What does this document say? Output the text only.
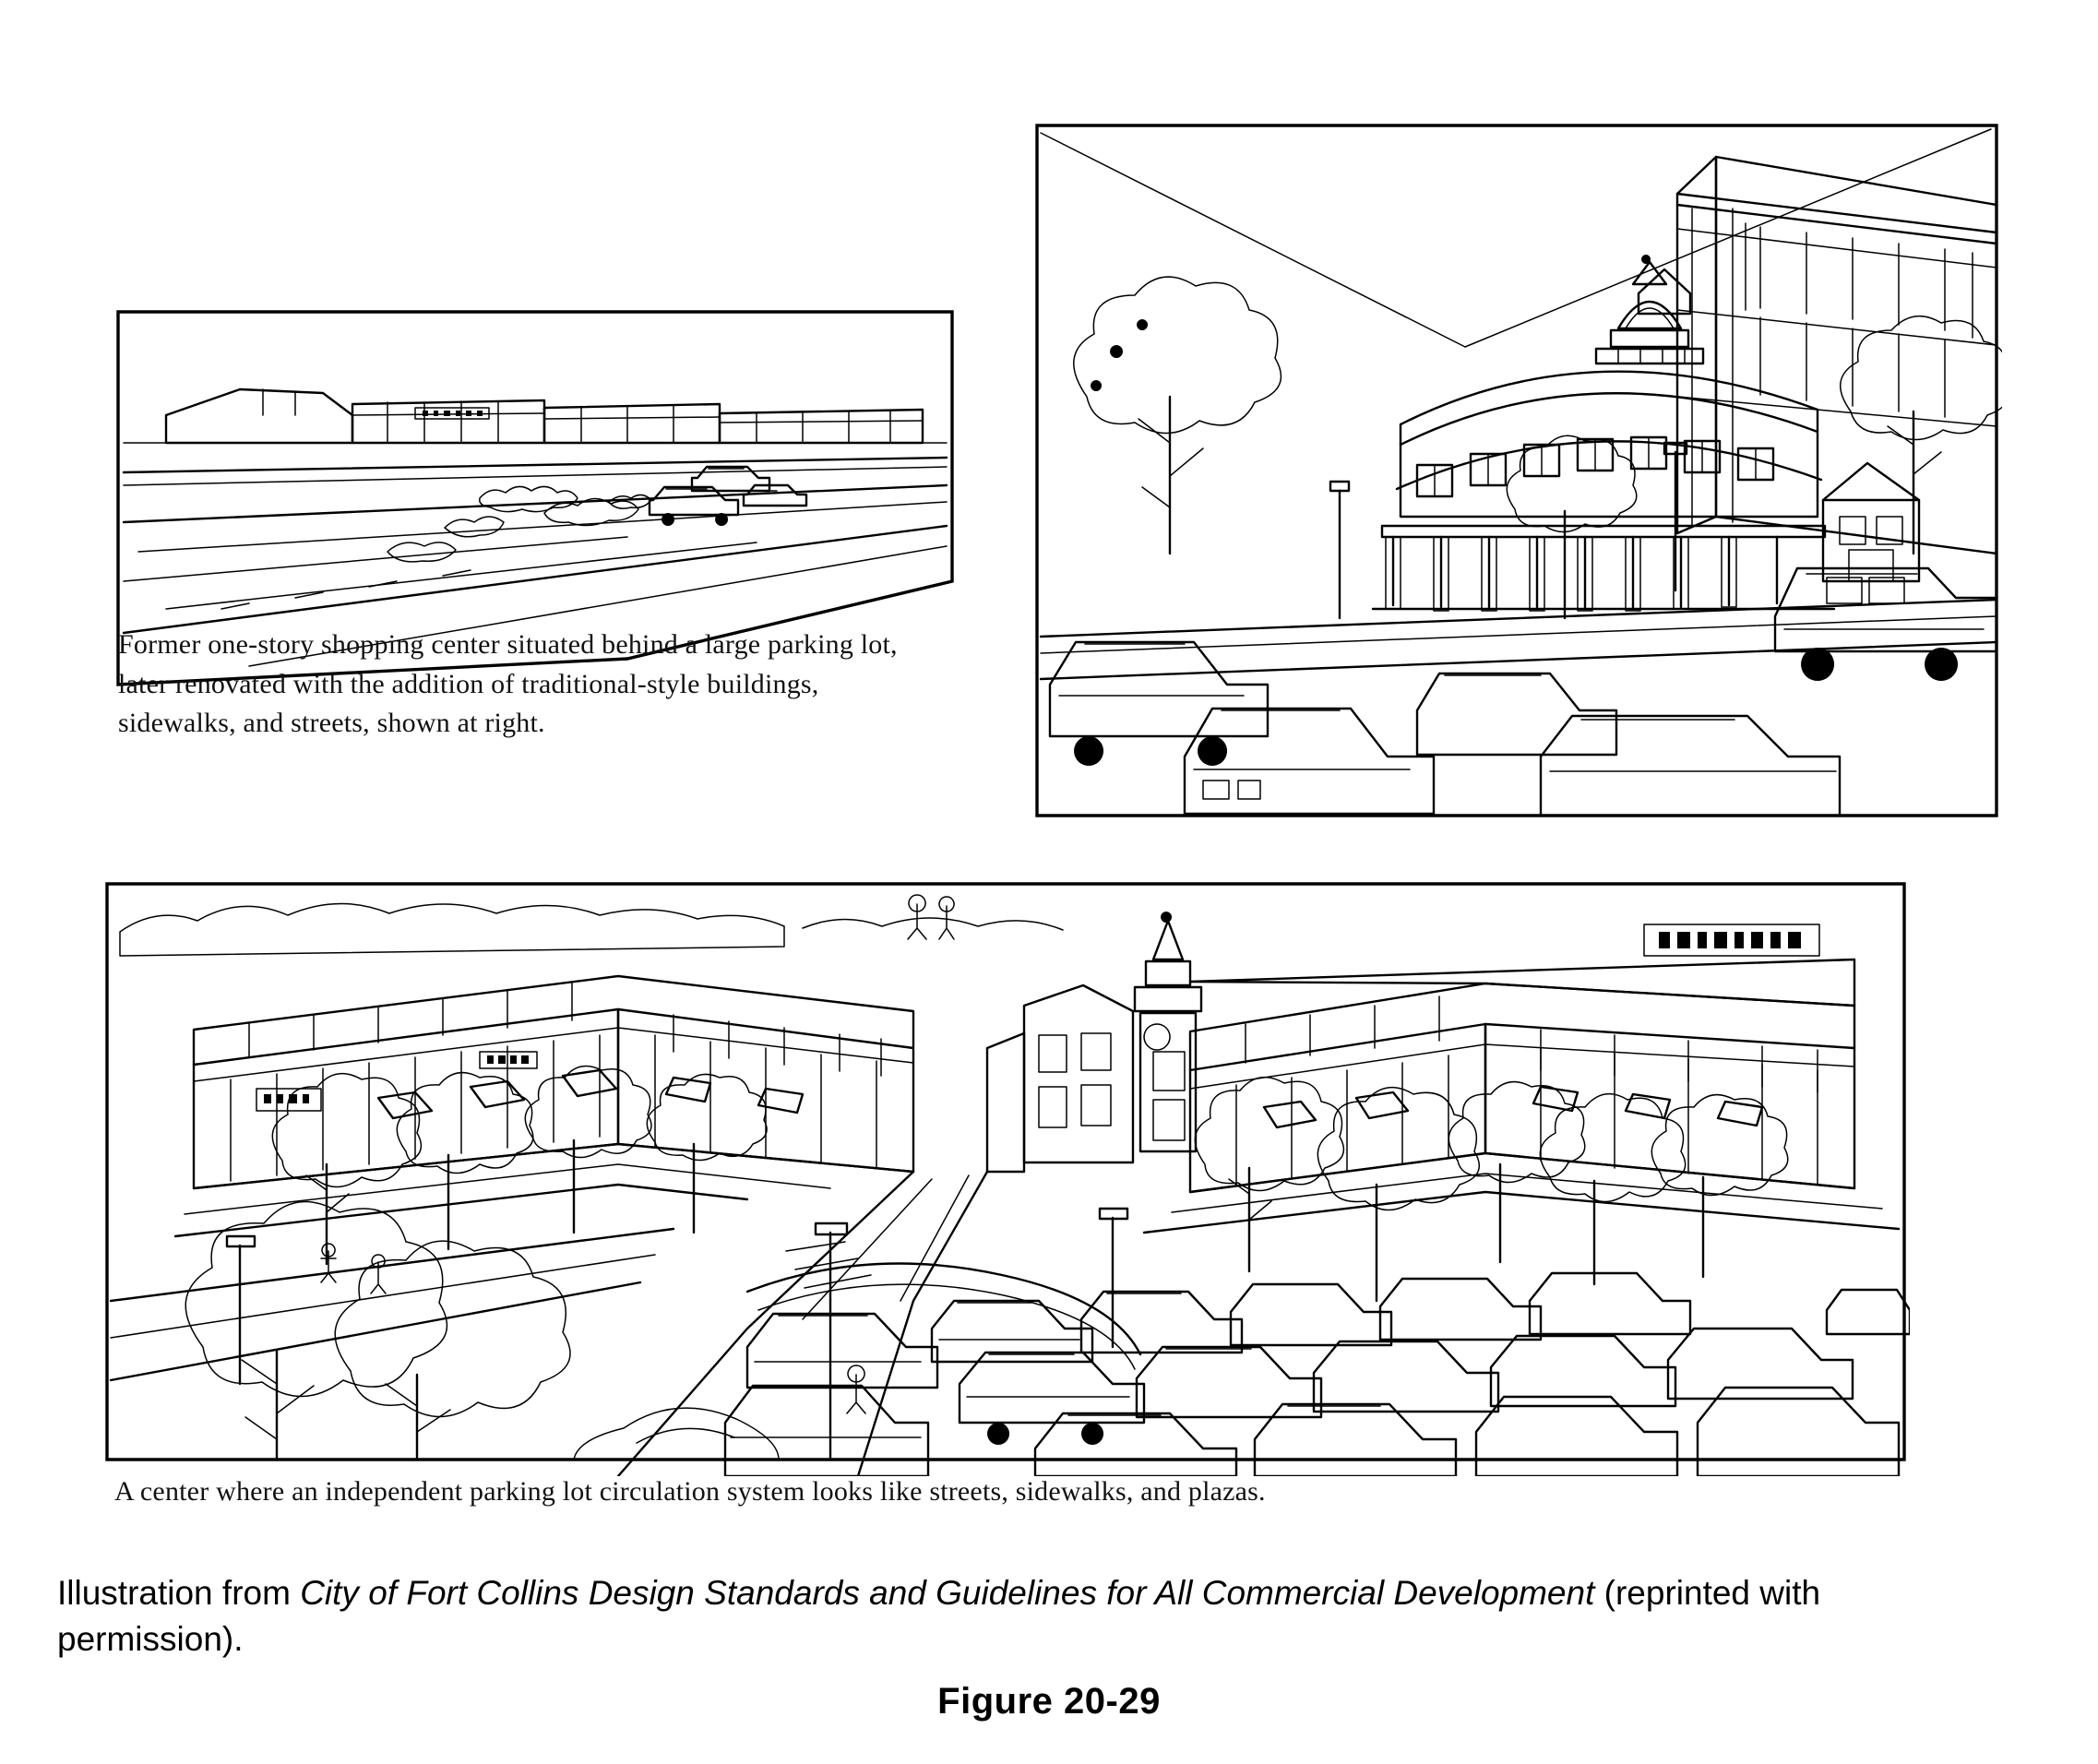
Former one-story shopping center situated behind a large parking lot, later renovated with the addition of traditional-style buildings, sidewalks, and streets, shown at right.
A center where an independent parking lot circulation system looks like streets, sidewalks, and plazas.
Illustration from City of Fort Collins Design Standards and Guidelines for All Commercial Development (reprinted with permission).
Figure 20-29
